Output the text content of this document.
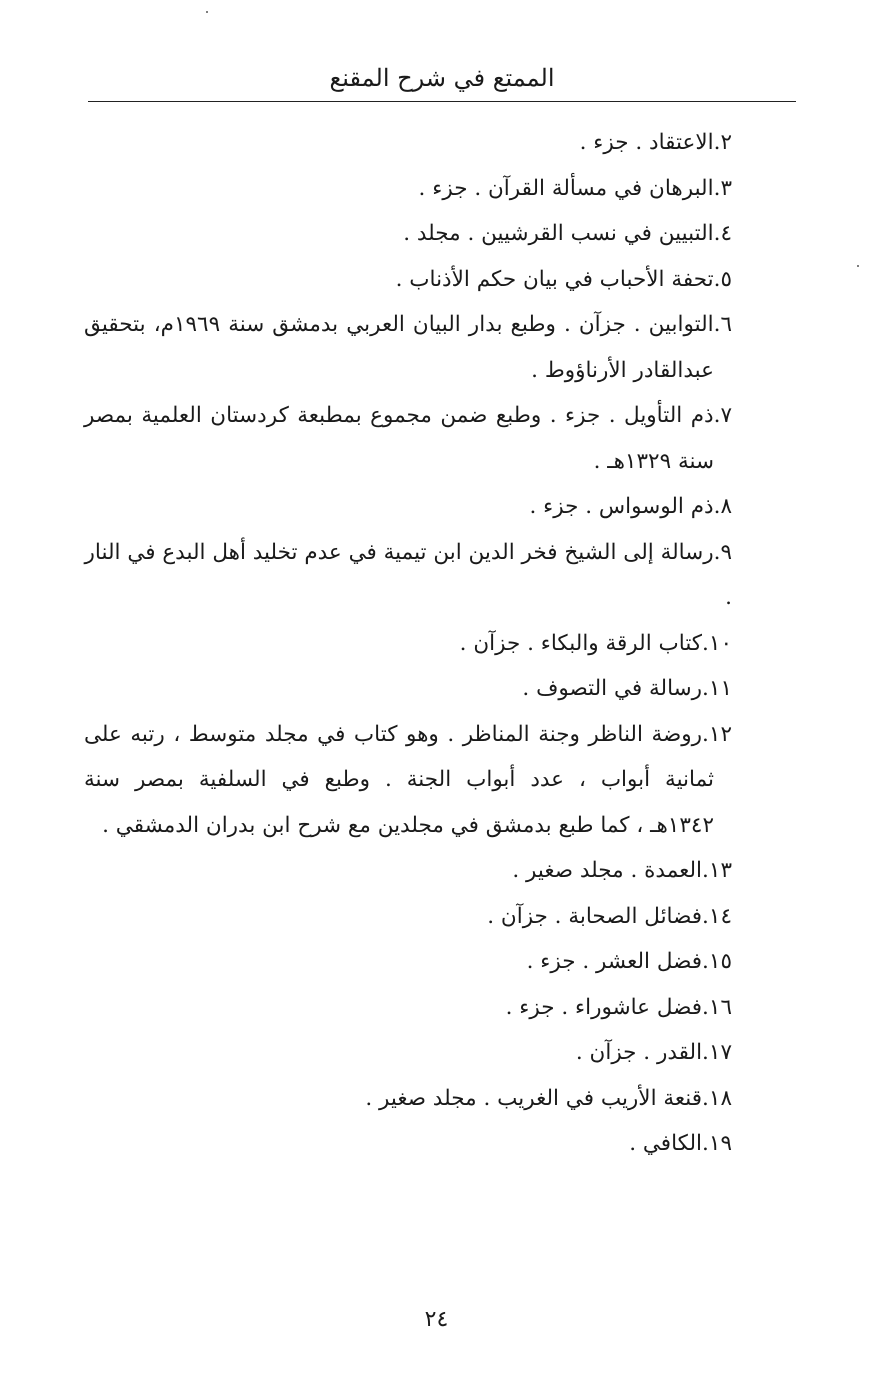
الممتع في شرح المقنع
٢.الاعتقاد . جزء .
٣.البرهان في مسألة القرآن . جزء .
٤.التبيين في نسب القرشيين . مجلد .
٥.تحفة الأحباب في بيان حكم الأذناب .
٦.التوابين . جزآن . وطبع بدار البيان العربي بدمشق سنة ١٩٦٩م، بتحقيق
عبدالقادر الأرناؤوط .
٧.ذم التأويل . جزء . وطبع ضمن مجموع بمطبعة كردستان العلمية بمصر
سنة ١٣٢٩هـ .
٨.ذم الوسواس . جزء .
٩.رسالة إلى الشيخ فخر الدين ابن تيمية في عدم تخليد أهل البدع في النار .
١٠.كتاب الرقة والبكاء . جزآن .
١١.رسالة في التصوف .
١٢.روضة الناظر وجنة المناظر . وهو كتاب في مجلد متوسط ، رتبه على
ثمانية أبواب ، عدد أبواب الجنة . وطبع في السلفية بمصر سنة
١٣٤٢هـ ، كما طبع بدمشق في مجلدين مع شرح ابن بدران الدمشقي .
١٣.العمدة . مجلد صغير .
١٤.فضائل الصحابة . جزآن .
١٥.فضل العشر . جزء .
١٦.فضل عاشوراء . جزء .
١٧.القدر . جزآن .
١٨.قنعة الأريب في الغريب . مجلد صغير .
١٩.الكافي .
٢٤
